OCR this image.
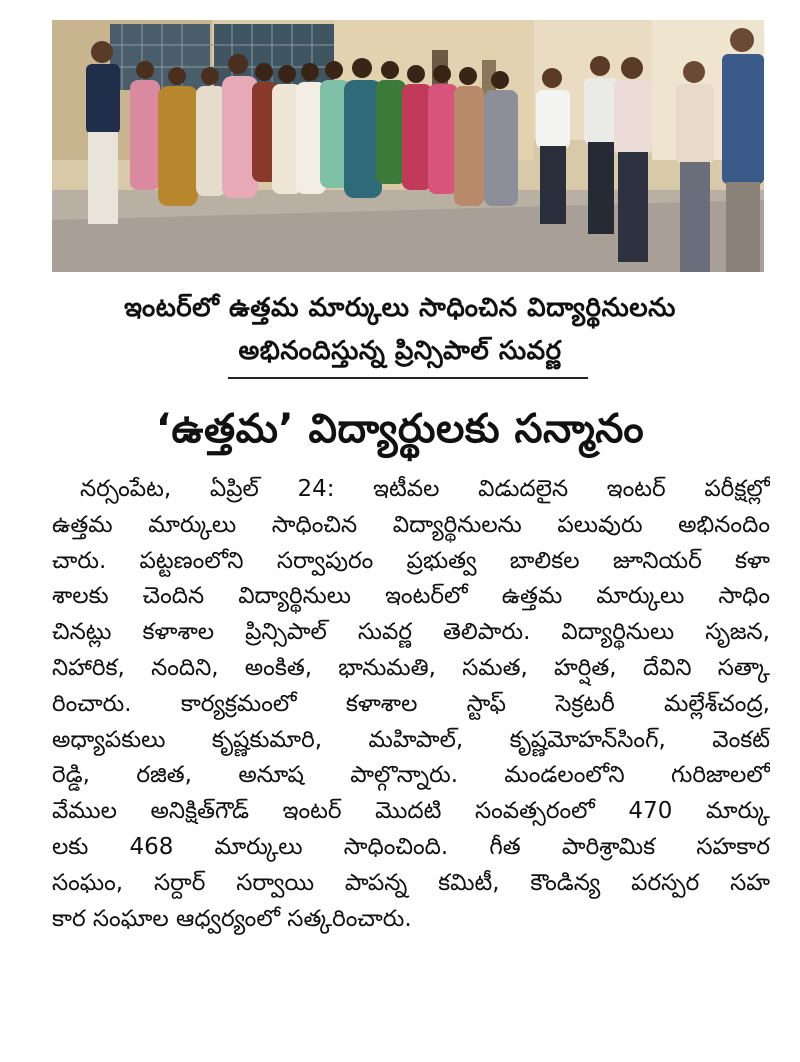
ఇంటర్‌లో ఉత్తమ మార్కులు సాధించిన విద్యార్థినులను
అభినందిస్తున్న ప్రిన్సిపాల్ సువర్ణ
‘ఉత్తమ’ విద్యార్థులకు సన్మానం
నర్సంపేట, ఏప్రిల్ 24: ఇటీవల విడుదలైన ఇంటర్ పరీక్షల్లో
ఉత్తమ మార్కులు సాధించిన విద్యార్థినులను పలువురు అభినందిం
చారు. పట్టణంలోని సర్వాపురం ప్రభుత్వ బాలికల జూనియర్ కళా
శాలకు చెందిన విద్యార్థినులు ఇంటర్‌లో ఉత్తమ మార్కులు సాధిం
చినట్లు కళాశాల ప్రిన్సిపాల్ సువర్ణ తెలిపారు. విద్యార్థినులు సృజన,
నిహారిక, నందిని, అంకిత, భానుమతి, సమత, హర్షిత, దేవిని సత్కా
రించారు. కార్యక్రమంలో కళాశాల స్టాఫ్ సెక్రటరీ మల్లేశ్‌చంద్ర,
అధ్యాపకులు కృష్ణకుమారి, మహిపాల్, కృష్ణమోహన్‌సింగ్, వెంకట్
రెడ్డి, రజిత, అనూష పాల్గొన్నారు. మండలంలోని గురిజాలలో
వేముల అనిక్షిత్‌గౌడ్ ఇంటర్ మొదటి సంవత్సరంలో 470 మార్కు
లకు 468 మార్కులు సాధించింది. గీత పారిశ్రామిక సహకార
సంఘం, సర్దార్ సర్వాయి పాపన్న కమిటీ, కౌండిన్య పరస్పర సహ
కార సంఘాల ఆధ్వర్యంలో సత్కరించారు.
